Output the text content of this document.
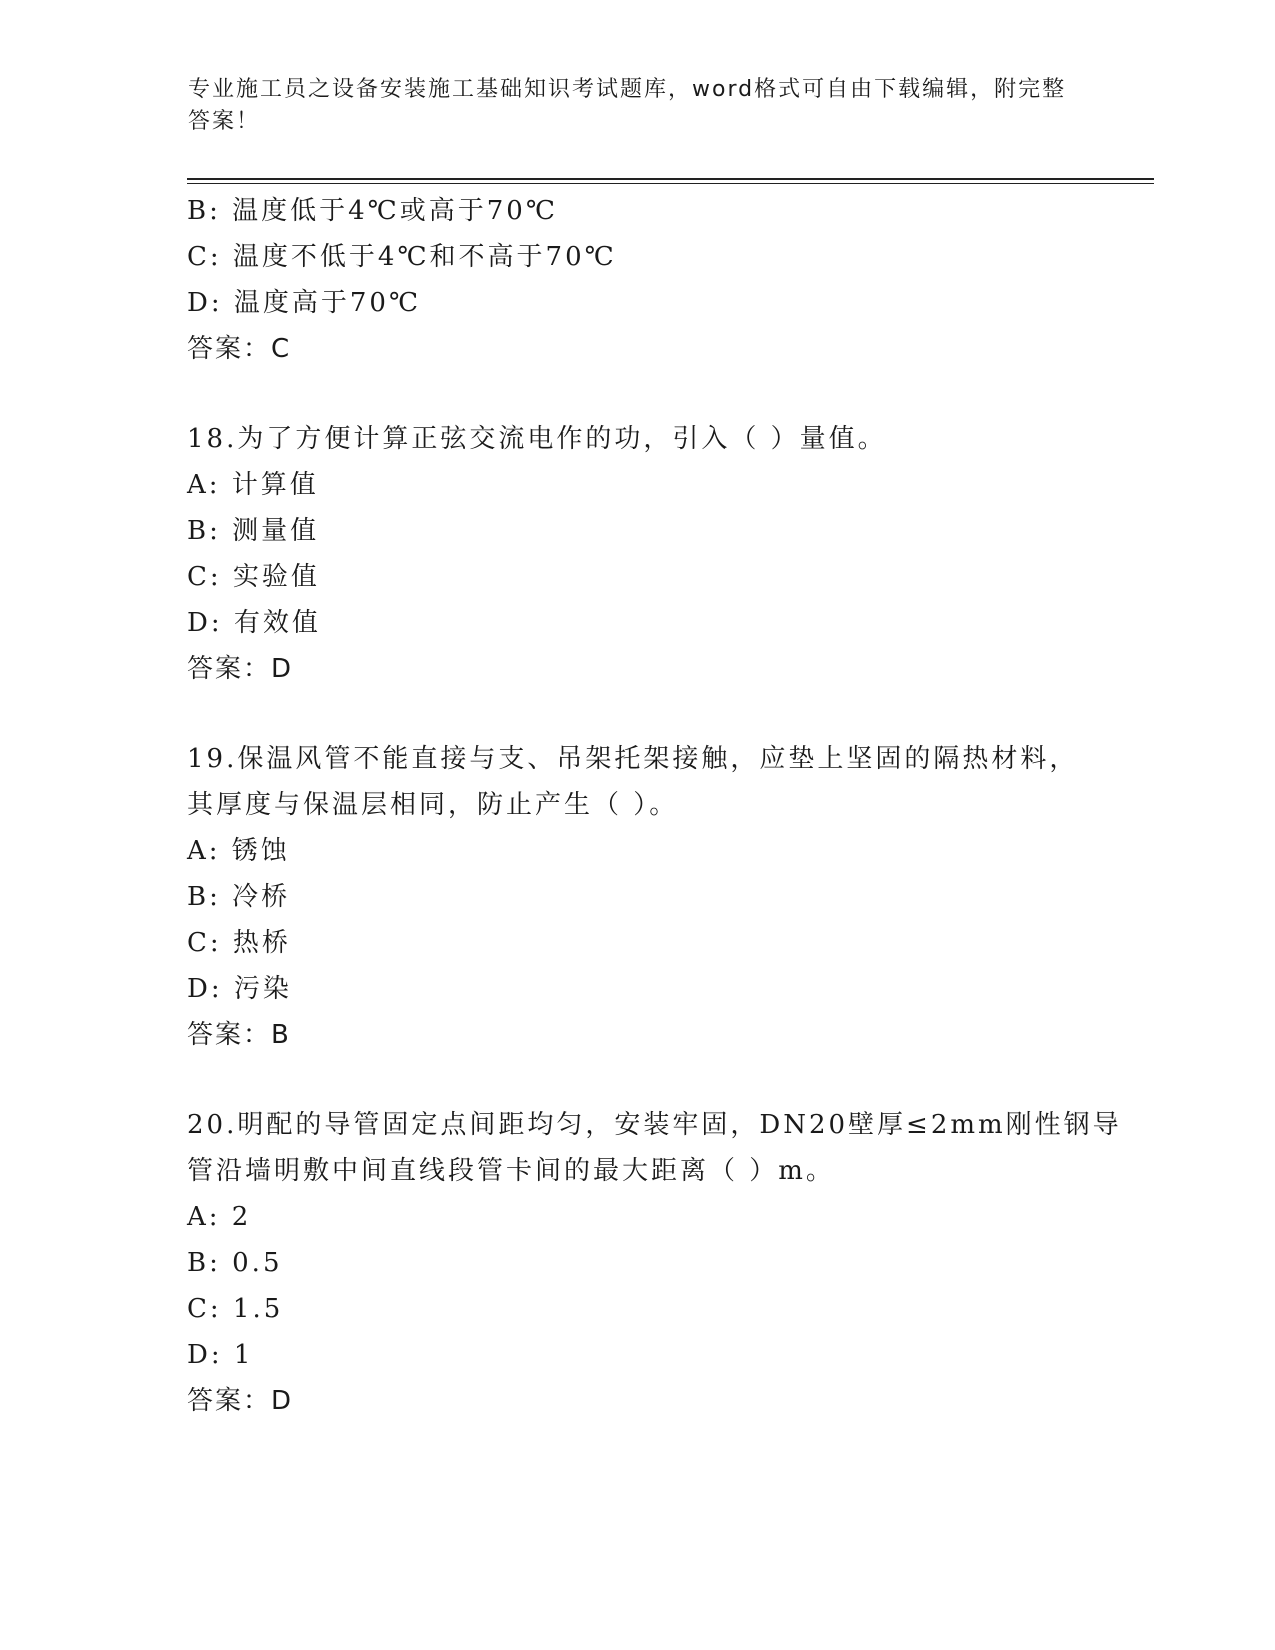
专业施工员之设备安装施工基础知识考试题库，word格式可自由下载编辑，附完整答案！
B: 温度低于4℃或高于70℃
C: 温度不低于4℃和不高于70℃
D: 温度高于70℃
答案：C
18.为了方便计算正弦交流电作的功，引入（ ）量值。
A: 计算值
B: 测量值
C: 实验值
D: 有效值
答案：D
19.保温风管不能直接与支、吊架托架接触，应垫上坚固的隔热材料，
其厚度与保温层相同，防止产生（ ）。
A: 锈蚀
B: 冷桥
C: 热桥
D: 污染
答案：B
20.明配的导管固定点间距均匀，安装牢固，DN20壁厚≤2mm刚性钢导
管沿墙明敷中间直线段管卡间的最大距离（ ）m。
A: 2
B: 0.5
C: 1.5
D: 1
答案：D
